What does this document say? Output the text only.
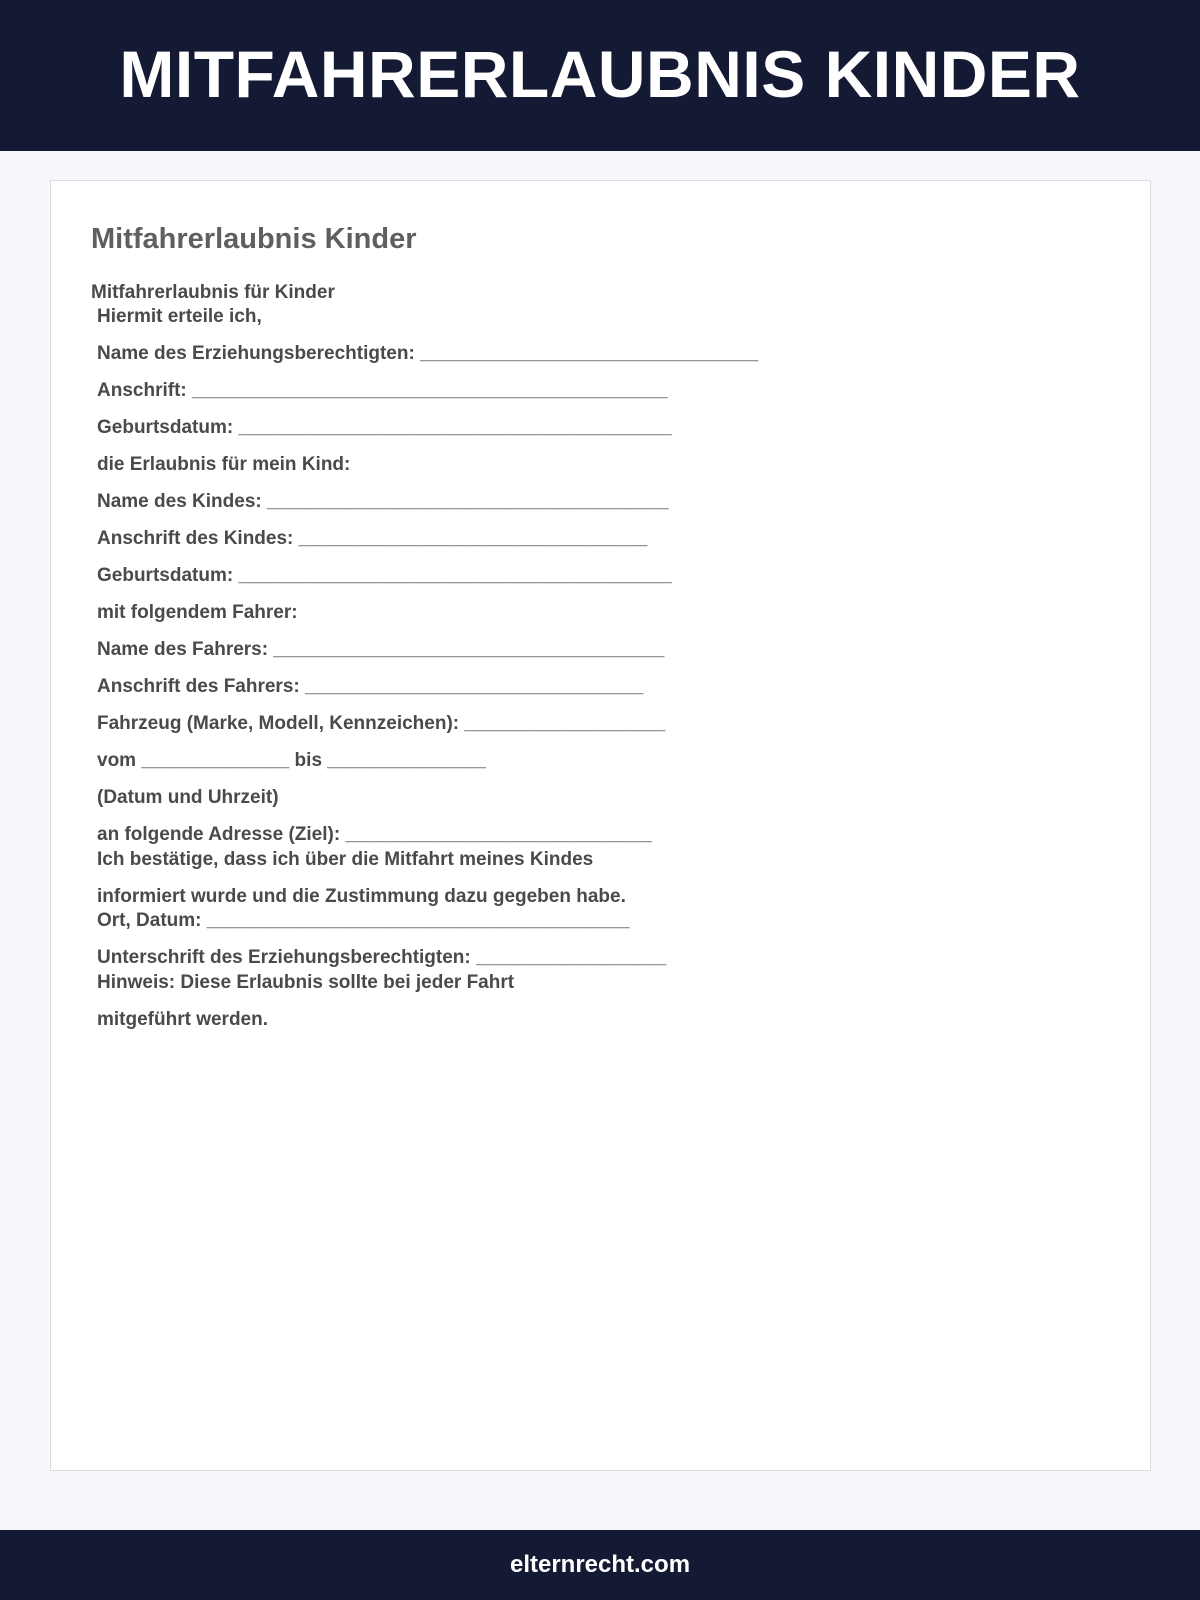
MITFAHRERLAUBNIS KINDER
Mitfahrerlaubnis Kinder
Mitfahrerlaubnis für Kinder
Hiermit erteile ich,
Name des Erziehungsberechtigten: ________________________________
Anschrift: _____________________________________________
Geburtsdatum: _________________________________________
die Erlaubnis für mein Kind:
Name des Kindes: ______________________________________
Anschrift des Kindes: _________________________________
Geburtsdatum: _________________________________________
mit folgendem Fahrer:
Name des Fahrers: _____________________________________
Anschrift des Fahrers: ________________________________
Fahrzeug (Marke, Modell, Kennzeichen): ___________________
vom ______________ bis _______________
(Datum und Uhrzeit)
an folgende Adresse (Ziel): _____________________________
Ich bestätige, dass ich über die Mitfahrt meines Kindes
informiert wurde und die Zustimmung dazu gegeben habe.
Ort, Datum: ________________________________________
Unterschrift des Erziehungsberechtigten: __________________
Hinweis: Diese Erlaubnis sollte bei jeder Fahrt
mitgeführt werden.
elternrecht.com
